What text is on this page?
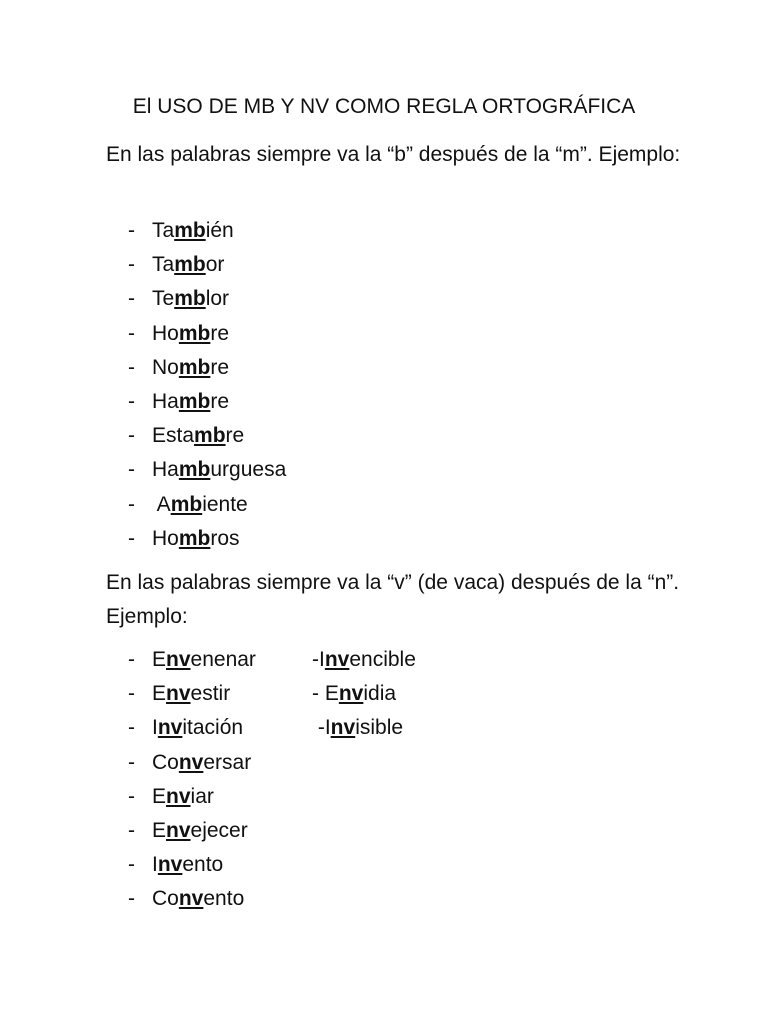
El USO DE MB Y NV COMO REGLA ORTOGRÁFICA
En las palabras siempre va la “b” después de la “m”. Ejemplo:
- También
- Tambor
- Temblor
- Hombre
- Nombre
- Hambre
- Estambre
- Hamburguesa
- Ambiente
- Hombros
En las palabras siempre va la “v” (de vaca) después de la “n”. Ejemplo:
- Envenenar
- Envestir
- Invitación
- Conversar
- Enviar
- Envejecer
- Invento
- Convento
-Invencible
- Envidia
-Invisible
